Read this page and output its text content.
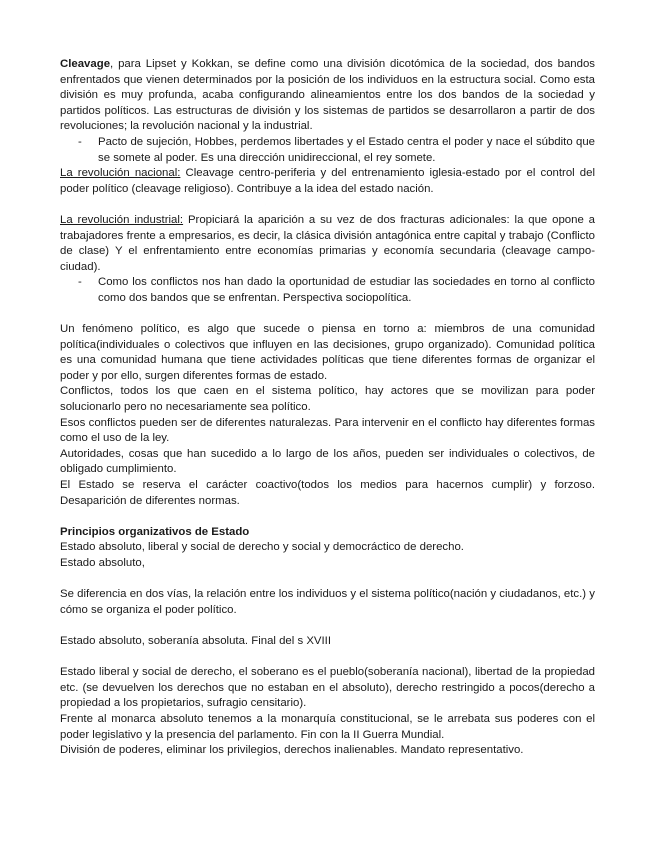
Cleavage, para Lipset y Kokkan, se define como una división dicotómica de la sociedad, dos bandos enfrentados que vienen determinados por la posición de los individuos en la estructura social. Como esta división es muy profunda, acaba configurando alineamientos entre los dos bandos de la sociedad y partidos políticos. Las estructuras de división y los sistemas de partidos se desarrollaron a partir de dos revoluciones; la revolución nacional y la industrial.

-	Pacto de sujeción, Hobbes, perdemos libertades y el Estado centra el poder y nace el súbdito que se somete al poder. Es una dirección unidireccional, el rey somete.

La revolución nacional: Cleavage centro-periferia y del entrenamiento iglesia-estado por el control del poder político (cleavage religioso). Contribuye a la idea del estado nación.

La revolución industrial: Propiciará la aparición a su vez de dos fracturas adicionales: la que opone a trabajadores frente a empresarios, es decir, la clásica división antagónica entre capital y trabajo (Conflicto de clase) Y el enfrentamiento entre economías primarias y economía secundaria (cleavage campo-ciudad).

-	Como los conflictos nos han dado la oportunidad de estudiar las sociedades en torno al conflicto como dos bandos que se enfrentan. Perspectiva sociopolítica.

Un fenómeno político, es algo que sucede o piensa en torno a: miembros de una comunidad política(individuales o colectivos que influyen en las decisiones, grupo organizado). Comunidad política es una comunidad humana que tiene actividades políticas que tiene diferentes formas de organizar el poder y por ello, surgen diferentes formas de estado.

Conflictos, todos los que caen en el sistema político, hay actores que se movilizan para poder solucionarlo pero no necesariamente sea político.

Esos conflictos pueden ser de diferentes naturalezas. Para intervenir en el conflicto hay diferentes formas como el uso de la ley.

Autoridades, cosas que han sucedido a lo largo de los años, pueden ser individuales o colectivos, de obligado cumplimiento.

El Estado se reserva el carácter coactivo(todos los medios para hacernos cumplir) y forzoso. Desaparición de diferentes normas.

Principios organizativos de Estado

Estado absoluto, liberal y social de derecho y social y democráctico de derecho.

Estado absoluto,

Se diferencia en dos vías, la relación entre los individuos y el sistema político(nación y ciudadanos, etc.) y cómo se organiza el poder político.

Estado absoluto, soberanía absoluta. Final del s XVIII

Estado liberal y social de derecho, el soberano es el pueblo(soberanía nacional), libertad de la propiedad etc. (se devuelven los derechos que no estaban en el absoluto), derecho restringido a pocos(derecho a propiedad a los propietarios, sufragio censitario).

Frente al monarca absoluto tenemos a la monarquía constitucional, se le arrebata sus poderes con el poder legislativo y la presencia del parlamento. Fin con la II Guerra Mundial.

División de poderes, eliminar los privilegios, derechos inalienables. Mandato representativo.
